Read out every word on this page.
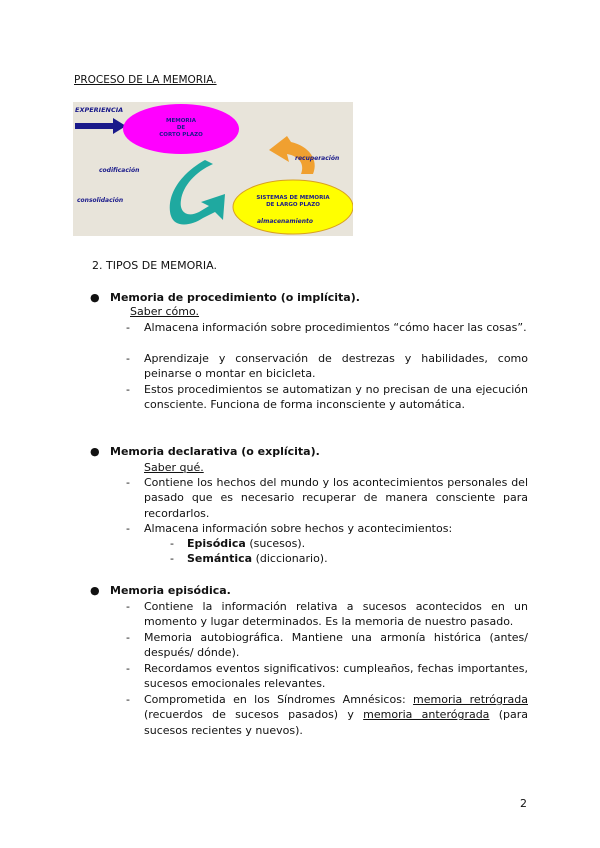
PROCESO DE LA MEMORIA.
EXPERIENCIA
MEMORIA
DE
CORTO PLAZO
codificación
consolidación
recuperación
SISTEMAS DE MEMORIA
DE LARGO PLAZO
almacenamiento
2. TIPOS DE MEMORIA.
● Memoria de procedimiento (o implícita).
Saber cómo.
- Almacena información sobre procedimientos “cómo hacer las cosas”.
- Aprendizaje y conservación de destrezas y habilidades, como peinarse o montar en bicicleta.
- Estos procedimientos se automatizan y no precisan de una ejecución consciente. Funciona de forma inconsciente y automática.
● Memoria declarativa (o explícita).
Saber qué.
- Contiene los hechos del mundo y los acontecimientos personales del pasado que es necesario recuperar de manera consciente para recordarlos.
- Almacena información sobre hechos y acontecimientos:
- Episódica (sucesos).
- Semántica (diccionario).
● Memoria episódica.
- Contiene la información relativa a sucesos acontecidos en un momento y lugar determinados. Es la memoria de nuestro pasado.
- Memoria autobiográfica. Mantiene una armonía histórica (antes/ después/ dónde).
- Recordamos eventos significativos: cumpleaños, fechas importantes, sucesos emocionales relevantes.
- Comprometida en los Síndromes Amnésicos: memoria retrógrada (recuerdos de sucesos pasados) y memoria anterógrada (para sucesos recientes y nuevos).
2
